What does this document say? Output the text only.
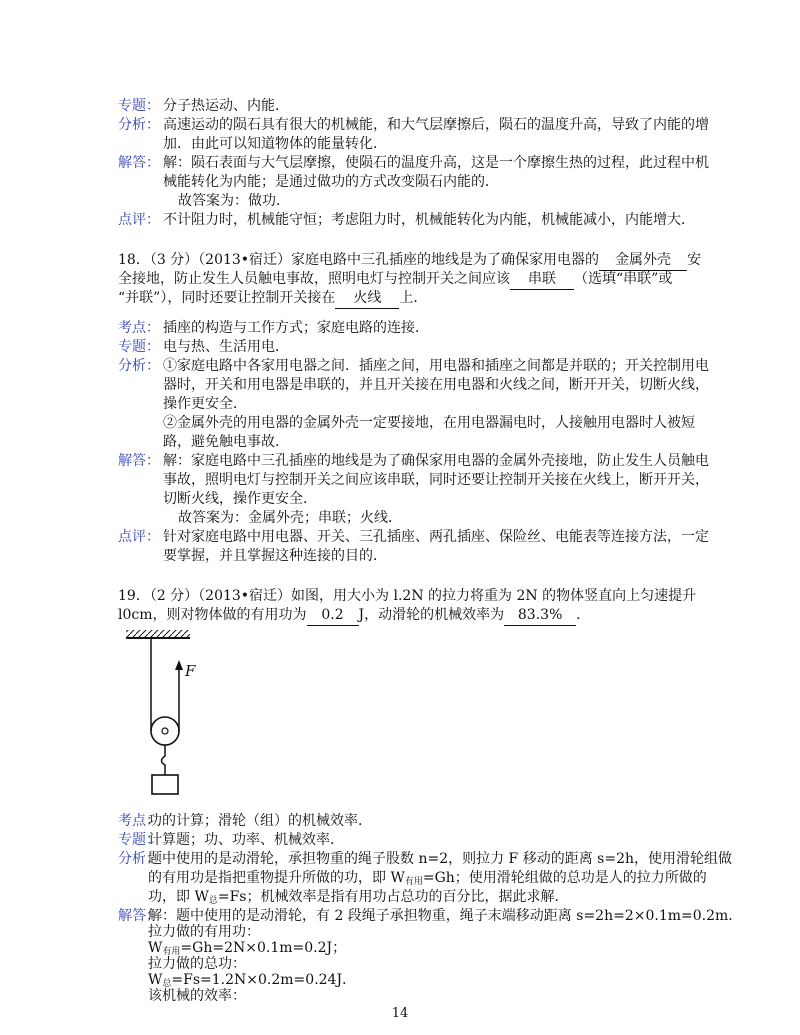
专题： 分子热运动、内能．
分析： 高速运动的陨石具有很大的机械能，和大气层摩擦后，陨石的温度升高，导致了内能的增
加．由此可以知道物体的能量转化．
解答： 解：陨石表面与大气层摩擦，使陨石的温度升高，这是一个摩擦生热的过程，此过程中机
械能转化为内能；是通过做功的方式改变陨石内能的．
故答案为：做功．
点评： 不计阻力时，机械能守恒；考虑阻力时，机械能转化为内能，机械能减小，内能增大．
18．（3 分）（2013•宿迁）家庭电路中三孔插座的地线是为了确保家用电器的 金属外壳 安
全接地，防止发生人员触电事故，照明电灯与控制开关之间应该 串联 （选填“串联”或
“并联”），同时还要让控制开关接在 火线 上．
考点： 插座的构造与工作方式；家庭电路的连接．
专题： 电与热、生活用电．
分析： ①家庭电路中各家用电器之间．插座之间，用电器和插座之间都是并联的；开关控制用电
器时，开关和用电器是串联的，并且开关接在用电器和火线之间，断开开关，切断火线，
操作更安全．
②金属外壳的用电器的金属外壳一定要接地，在用电器漏电时，人接触用电器时人被短
路，避免触电事故．
解答： 解：家庭电路中三孔插座的地线是为了确保家用电器的金属外壳接地，防止发生人员触电
事故，照明电灯与控制开关之间应该串联，同时还要让控制开关接在火线上，断开开关，
切断火线，操作更安全．
故答案为：金属外壳；串联；火线．
点评： 针对家庭电路中用电器、开关、三孔插座、两孔插座、保险丝、电能表等连接方法，一定
要掌握，并且掌握这种连接的目的．
19．（2 分）（2013•宿迁）如图，用大小为 l.2N 的拉力将重为 2N 的物体竖直向上匀速提升
l0cm，则对物体做的有用功为 0.2 J，动滑轮的机械效率为 83.3% ．
F
考点：
功的计算；滑轮（组）的机械效率．
专题：
计算题；功、功率、机械效率．
分析：
题中使用的是动滑轮，承担物重的绳子股数 n=2，则拉力 F 移动的距离 s=2h，使用滑轮组做
的有用功是指把重物提升所做的功，即 $W_{有用}=Gh$；使用滑轮组做的总功是人的拉力所做的
功，即 $W_总=Fs$；机械效率是指有用功占总功的百分比，据此求解．
解答：
解：题中使用的是动滑轮，有 2 段绳子承担物重，绳子末端移动距离 s=2h=2×0.1m=0.2m．
拉力做的有用功：
$W_{有用}=Gh=2N\times 0.1m=0.2J$；
14
拉力做的总功：
$W_总=Fs=1.2N\times 0.2m=0.24J$．
该机械的效率：
